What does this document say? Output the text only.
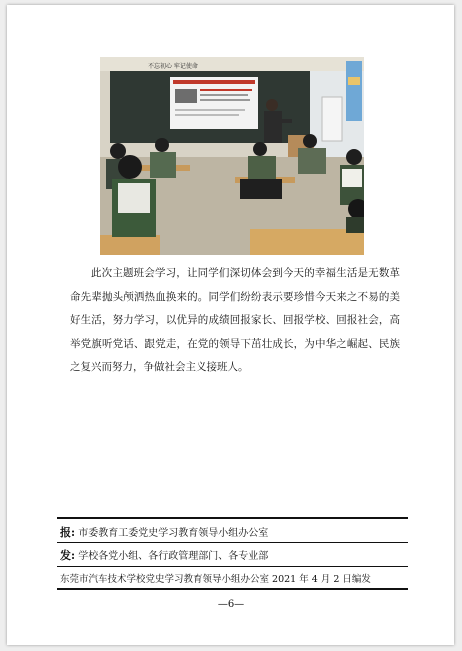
不忘初心 牢记使命

此次主题班会学习，让同学们深切体会到今天的幸福生活是无数革命先辈抛头颅洒热血换来的。同学们纷纷表示要珍惜今天来之不易的美好生活，努力学习，以优异的成绩回报家长、回报学校、回报社会，高举党旗听党话、跟党走，在党的领导下茁壮成长，为中华之崛起、民族之复兴而努力，争做社会主义接班人。

报: 市委教育工委党史学习教育领导小组办公室
发: 学校各党小组、各行政管理部门、各专业部
东莞市汽车技术学校党史学习教育领导小组办公室 2021 年 4 月 2 日编发
—6—
